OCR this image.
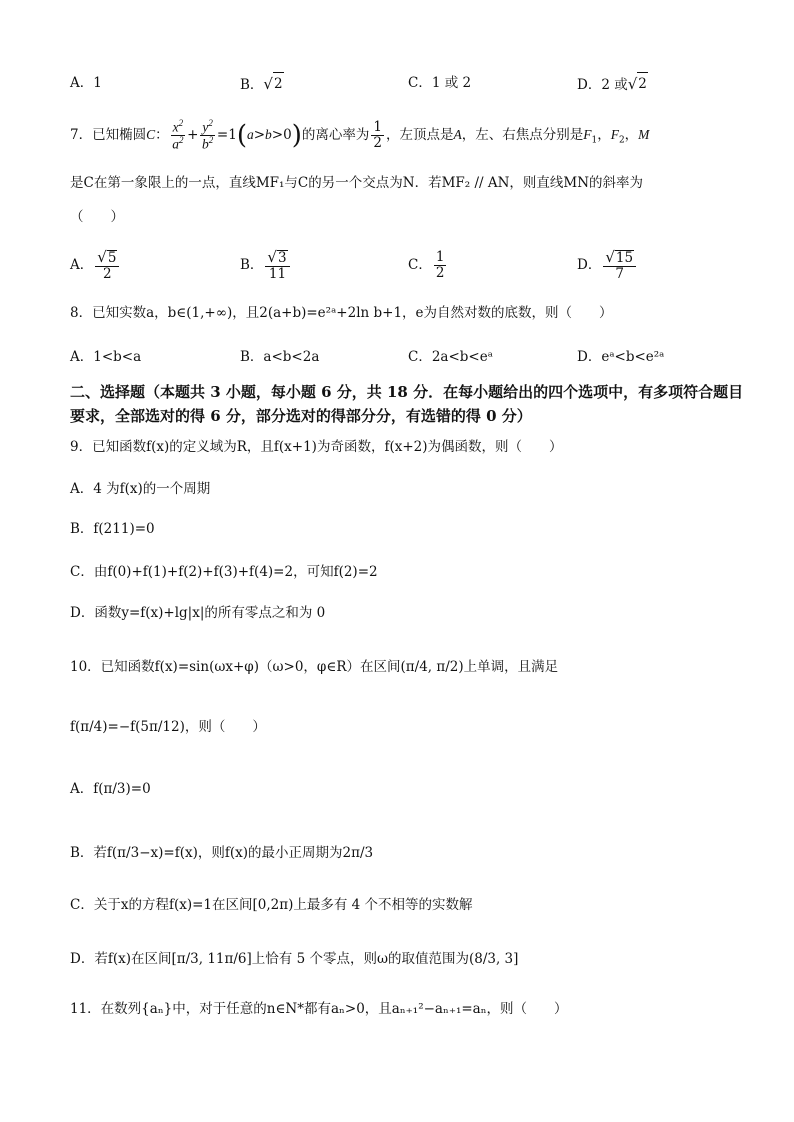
A．1	B． √ 2	C．1 或 2	D．2 或 √ 2
7．已知椭圆C： $\frac{x^2}{a^2} + \frac{y^2}{b^2} =1(a>b>0)$的离心率为 $\frac{1}{2}$ ，左顶点是A，左、右焦点分别是$F_1$，$F_2$，M
是C在第一象限上的一点，直线MF₁与C的另一个交点为N．若MF₂ // AN，则直线MN的斜率为
（　　）
A． $\frac{√ 5}{2}$	B． $\frac{√ 3}{11}$	C． $\frac{1}{2}$	D． $\frac{√ 15}{7}$
8．已知实数a，b∈(1,+∞)，且2(a+b)=e²ᵃ+2ln b+1，e为自然对数的底数，则（　　）
A．1<b<a	B．a<b<2a	C．2a<b<eᵃ	D．eᵃ<b<e²ᵃ
二、选择题（本题共 3 小题，每小题 6 分，共 18 分．在每小题给出的四个选项中，有多项符合题目要求，全部选对的得 6 分，部分选对的得部分分，有选错的得 0 分）
9．已知函数f(x)的定义域为R，且f(x+1)为奇函数，f(x+2)为偶函数，则（　　）
A．4 为f(x)的一个周期
B．f(211)=0
C．由f(0)+f(1)+f(2)+f(3)+f(4)=2，可知f(2)=2
D．函数y=f(x)+lg|x|的所有零点之和为 0
10．已知函数f(x)=sin(ωx+φ)（ω>0，φ∈R）在区间(π/4, π/2)上单调，且满足
f(π/4)=−f(5π/12)，则（　　）
A．f(π/3)=0
B．若f(π/3−x)=f(x)，则f(x)的最小正周期为2π/3
C．关于x的方程f(x)=1在区间[0,2π)上最多有 4 个不相等的实数解
D．若f(x)在区间[π/3, 11π/6]上恰有 5 个零点，则ω的取值范围为(8/3, 3]
11．在数列{aₙ}中，对于任意的n∈N*都有aₙ>0，且aₙ₊₁²−aₙ₊₁=aₙ，则（　　）
